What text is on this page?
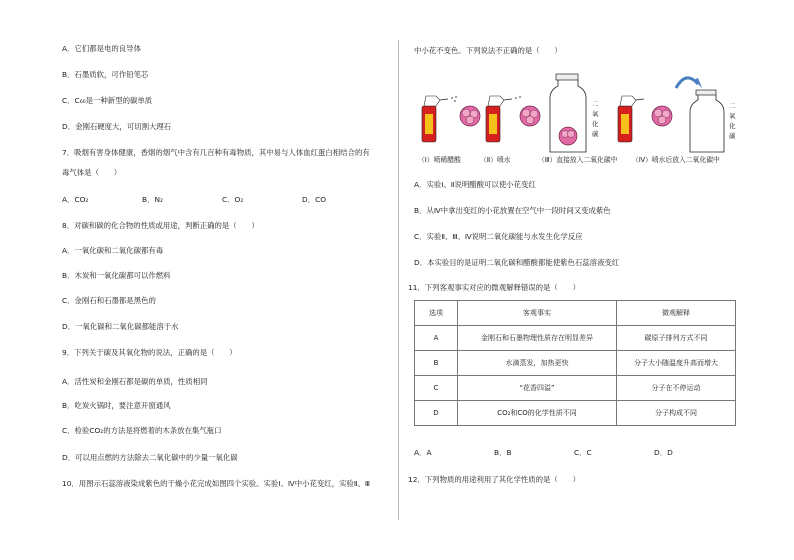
A．它们都是电的良导体
B．石墨质软，可作铅笔芯
C．C₆₀是一种新型的碳单质
D．金刚石硬度大，可切割大理石
7．吸烟有害身体健康，香烟的烟气中含有几百种有毒物质，其中易与人体血红蛋白相结合的有
毒气体是（　　）
A．CO₂	B．N₂	C．O₂	D．CO
8．对碳和碳的化合物的性质或用途，判断正确的是（　　）
A．一氧化碳和二氧化碳都有毒
B．木炭和一氧化碳都可以作燃料
C．金刚石和石墨都是黑色的
D．一氧化碳和二氧化碳都能溶于水
9．下列关于碳及其氧化物的说法，正确的是（　　）
A．活性炭和金刚石都是碳的单质，性质相同
B．吃炭火锅时，要注意开窗通风
C．检验CO₂的方法是将燃着的木条放在集气瓶口
D．可以用点燃的方法除去二氧化碳中的少量一氧化碳
10．用图示石蕊溶液染成紫色的干燥小花完成如图四个实验。实验Ⅰ、Ⅳ中小花变红，实验Ⅱ、Ⅲ
中小花不变色。下列说法不正确的是（　　）
二
氧
化
碳
二
氧
化
碳
（Ⅰ）喷稀醋酸	（Ⅱ）喷水	（Ⅲ）直接放入二氧化碳中 （Ⅳ）喷水后放入二氧化碳中
A．实验Ⅰ、Ⅱ说明醋酸可以使小花变红
B．从Ⅳ中拿出变红的小花放置在空气中一段时间又变成紫色
C．实验Ⅱ、Ⅲ、Ⅳ说明二氧化碳能与水发生化学反应
D．本实验目的是证明二氧化碳和醋酸都能使紫色石蕊溶液变红
11．下列客观事实对应的微观解释错误的是（　　）
选项	客观事实	微观解释
A	金刚石和石墨物理性质存在明显差异	碳原子排列方式不同
B	水滴蒸发，加热更快	分子大小随温度升高而增大
C	“花香四溢”	分子在不停运动
D	CO₂和CO的化学性质不同	分子构成不同
A．A	B．B	C．C	D．D
12．下列物质的用途利用了其化学性质的是（　　）
